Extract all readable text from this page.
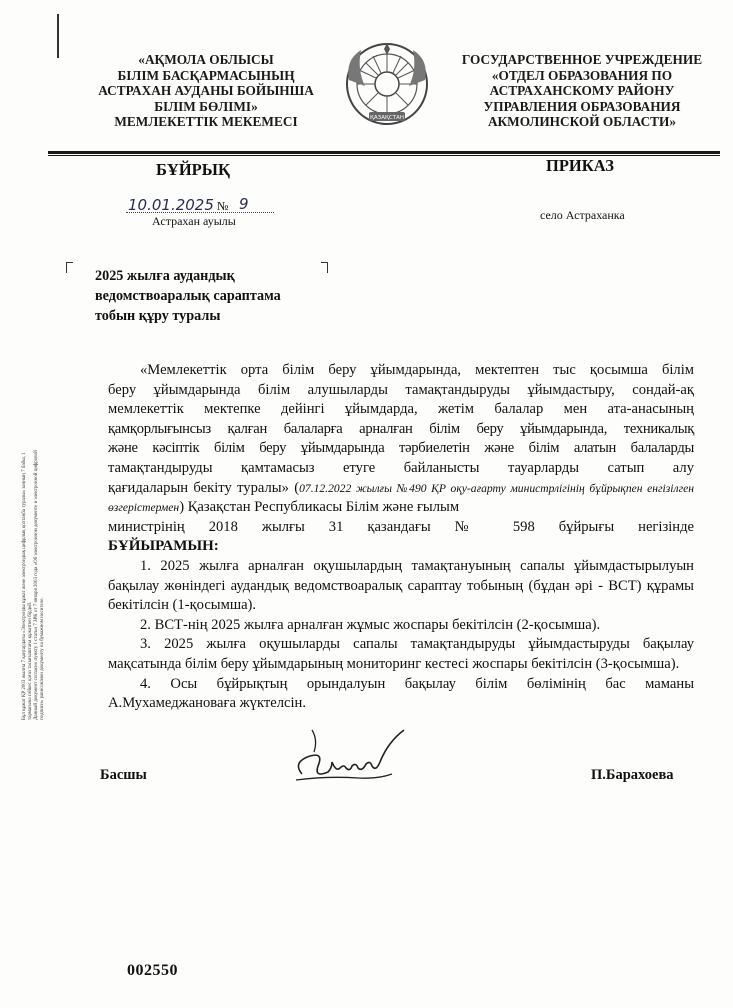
«АҚМОЛА ОБЛЫСЫ
БІЛІМ БАСҚАРМАСЫНЫҢ
АСТРАХАН АУДАНЫ БОЙЫНША
БІЛІМ БӨЛІМІ»
МЕМЛЕКЕТТІК МЕКЕМЕСІ	ҚАЗАҚСТАН
ГОСУДАРСТВЕННОЕ УЧРЕЖДЕНИЕ
«ОТДЕЛ ОБРАЗОВАНИЯ ПО
АСТРАХАНСКОМУ РАЙОНУ
УПРАВЛЕНИЯ ОБРАЗОВАНИЯ
АКМОЛИНСКОЙ ОБЛАСТИ»
БҰЙРЫҚ	ПРИКАЗ
10.01.2025 № 9
Астрахан ауылы	село Астраханка
2025 жылға аудандық
ведомствоаралық сараптама
тобын құру туралы

«Мемлекеттік орта білім беру ұйымдарында, мектептен тыс қосымша білім

беру ұйымдарында білім алушыларды тамақтандыруды ұйымдастыру, сондай-ақ

мемлекеттік мектепке дейінгі ұйымдарда, жетім балалар мен ата-анасының

қамқорлығынсыз қалған балаларға арналған білім беру ұйымдарында, техникалық

және кәсіптік білім беру ұйымдарында тәрбиелетін және білім алатын балаларды

тамақтандыруды қамтамасыз етуге байланысты тауарларды сатып алу

қағидаларын бекіту туралы» (07.12.2022 жылғы №490 ҚР оқу-ағарту министрлігінің бұйрықпен енгізілген өзгерістермен) Қазақстан Республикасы Білім және ғылым

министрінің 2018 жылғы 31 қазандағы № 598 бұйрығы негізінде

БҰЙЫРАМЫН:

1. 2025 жылға арналған оқушылардың тамақтануының сапалы ұйымдастырылуын бақылау жөніндегі аудандық ведомствоаралық сараптау тобының (бұдан әрі - ВСТ) құрамы бекітілсін (1-қосымша).

2. ВСТ-нің 2025 жылға арналған жұмыс жоспары бекітілсін (2-қосымша).

3. 2025 жылға оқушыларды сапалы тамақтандыруды ұйымдастыруды бақылау мақсатында білім беру ұйымдарының мониторинг кестесі жоспары бекітілсін (3-қосымша).

4. Осы бұйрықтың орындалуын бақылау білім бөлімінің бас маманы А.Мухамеджановаға жүктелсін.

Бұл құжат ҚР 2003 жылғы 7 қаңтардағы «Электронды құжат және электрондық цифрлық қолтаңба туралы» заңның 7 бабы, 1 тармағына сәйкес қағаз тасығыштағы құжатпен бірдей. Данный документ согласно пункту 1 статьи 7 ЗРК от 7 января 2003 года «Об электронном документе и электронной цифровой подписи» равнозначен документу на бумажном носителе.
Басшы	П.Барахоева
002550
